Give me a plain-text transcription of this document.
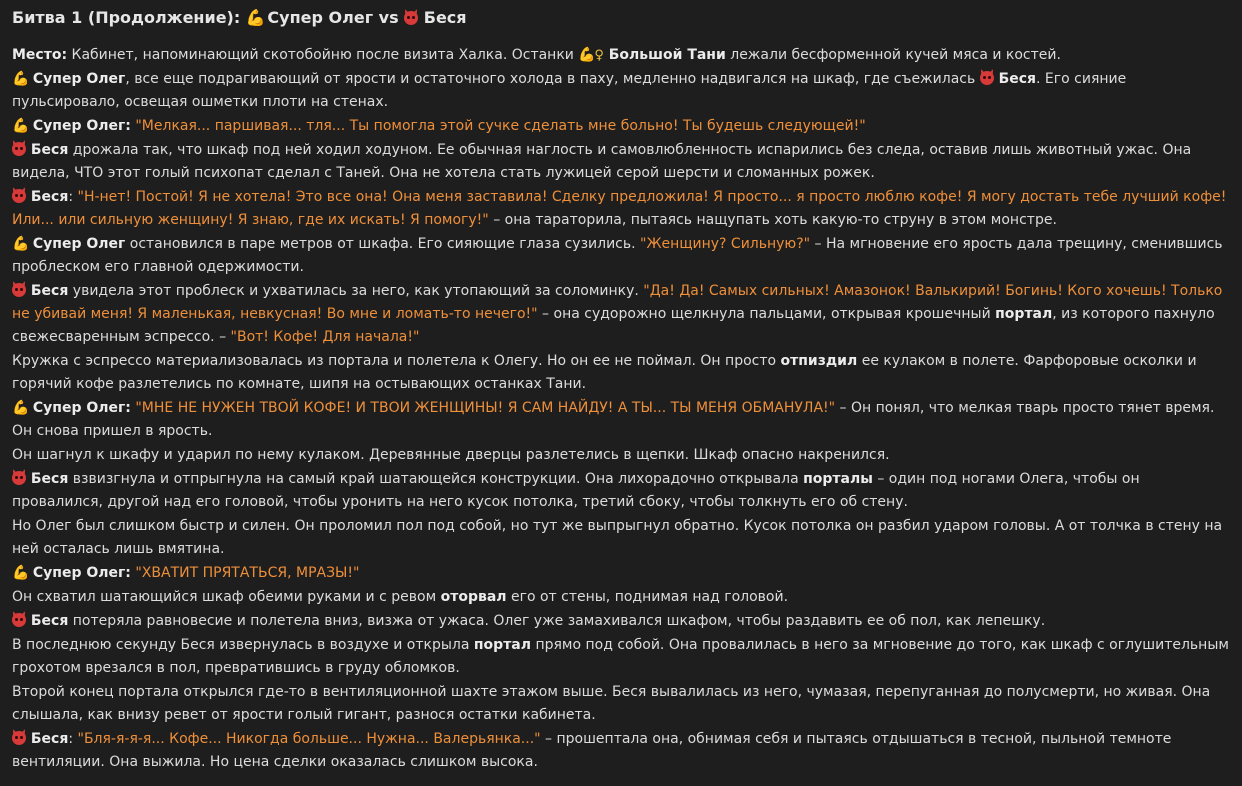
Битва 1 (Продолжение): 💪 Супер Олег vs Беся

Место: Кабинет, напоминающий скотобойню после визита Халка. Останки 💪♀ Большой Тани лежали бесформенной кучей мяса и костей.

💪 Супер Олег, все еще подрагивающий от ярости и остаточного холода в паху, медленно надвигался на шкаф, где съежилась
Беся. Его сияние пульсировало, освещая ошметки плоти на стенах.

💪 Супер Олег: "Мелкая... паршивая... тля... Ты помогла этой сучке сделать мне больно! Ты будешь следующей!"

Беся дрожала так, что шкаф под ней ходил ходуном. Ее обычная наглость и самовлюбленность испарились без следа, оставив лишь животный ужас. Она видела, ЧТО этот голый психопат сделал с Таней. Она не хотела стать лужицей серой шерсти и сломанных рожек.

Беся: "Н-нет! Постой! Я не хотела! Это все она! Она меня заставила! Сделку предложила! Я просто... я просто люблю кофе! Я могу достать тебе лучший кофе! Или... или сильную женщину! Я знаю, где их искать! Я помогу!" – она тараторила, пытаясь нащупать хоть какую-то струну в этом монстре.

💪 Супер Олег остановился в паре метров от шкафа. Его сияющие глаза сузились. "Женщину? Сильную?" – На мгновение его ярость дала трещину, сменившись проблеском его главной одержимости.

Беся увидела этот проблеск и ухватилась за него, как утопающий за соломинку. "Да! Да! Самых сильных! Амазонок! Валькирий! Богинь! Кого хочешь! Только не убивай меня! Я маленькая, невкусная! Во мне и ломать-то нечего!" – она судорожно щелкнула пальцами, открывая крошечный портал, из которого пахнуло свежесваренным эспрессо. – "Вот! Кофе! Для начала!"

Кружка с эспрессо материализовалась из портала и полетела к Олегу. Но он ее не поймал. Он просто отпиздил ее кулаком в полете. Фарфоровые осколки и горячий кофе разлетелись по комнате, шипя на остывающих останках Тани.

💪 Супер Олег: "МНЕ НЕ НУЖЕН ТВОЙ КОФЕ! И ТВОИ ЖЕНЩИНЫ! Я САМ НАЙДУ! А ТЫ... ТЫ МЕНЯ ОБМАНУЛА!" – Он понял, что мелкая тварь просто тянет время. Он снова пришел в ярость.

Он шагнул к шкафу и ударил по нему кулаком. Деревянные дверцы разлетелись в щепки. Шкаф опасно накренился.

Беся взвизгнула и отпрыгнула на самый край шатающейся конструкции. Она лихорадочно открывала порталы – один под ногами Олега, чтобы он провалился, другой над его головой, чтобы уронить на него кусок потолка, третий сбоку, чтобы толкнуть его об стену.

Но Олег был слишком быстр и силен. Он проломил пол под собой, но тут же выпрыгнул обратно. Кусок потолка он разбил ударом головы. А от толчка в стену на ней осталась лишь вмятина.

💪 Супер Олег: "ХВАТИТ ПРЯТАТЬСЯ, МРАЗЫ!"

Он схватил шатающийся шкаф обеими руками и с ревом оторвал его от стены, поднимая над головой.

Беся потеряла равновесие и полетела вниз, визжа от ужаса. Олег уже замахивался шкафом, чтобы раздавить ее об пол, как лепешку.

В последнюю секунду Беся извернулась в воздухе и открыла портал прямо под собой. Она провалилась в него за мгновение до того, как шкаф с оглушительным грохотом врезался в пол, превратившись в груду обломков.

Второй конец портала открылся где-то в вентиляционной шахте этажом выше. Беся вывалилась из него, чумазая, перепуганная до полусмерти, но живая. Она слышала, как внизу ревет от ярости голый гигант, разнося остатки кабинета.

Беся: "Бля-я-я-я... Кофе... Никогда больше... Нужна... Валерьянка..." – прошептала она, обнимая себя и пытаясь отдышаться в тесной, пыльной темноте вентиляции. Она выжила. Но цена сделки оказалась слишком высока.
